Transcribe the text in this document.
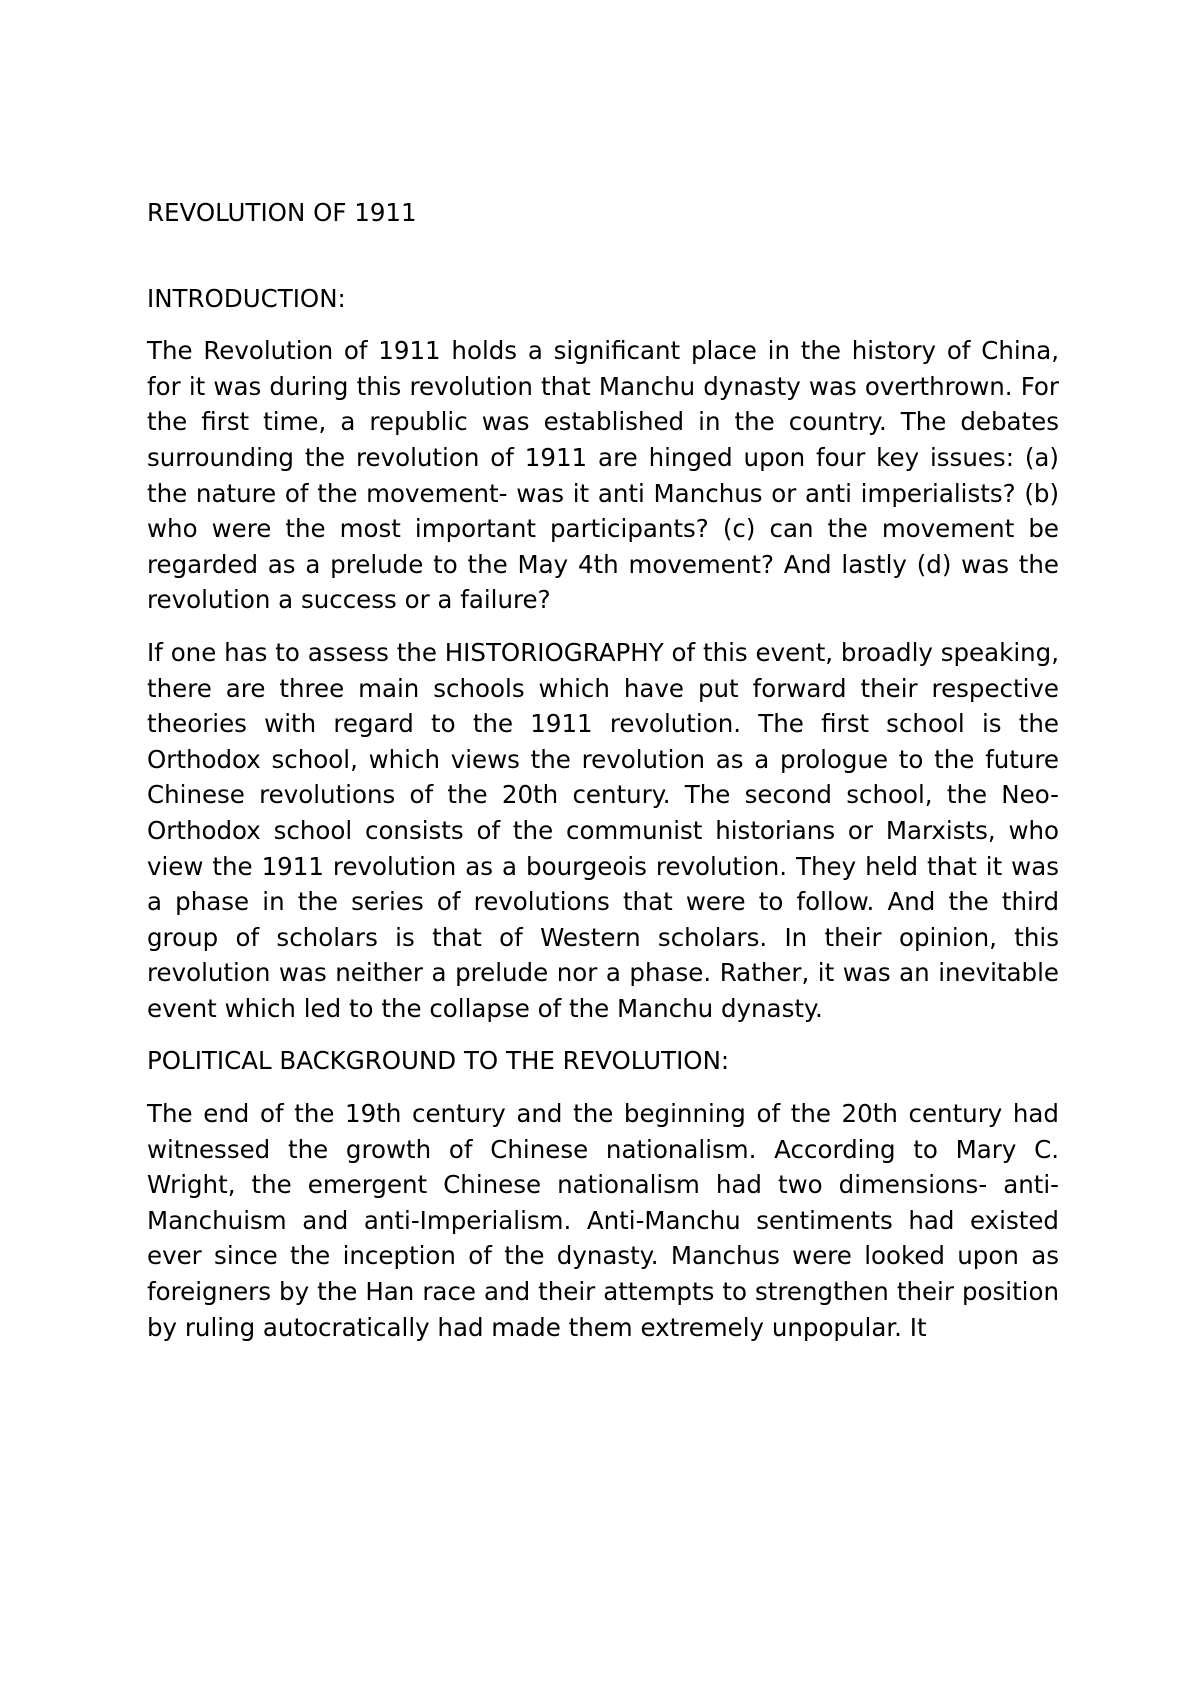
REVOLUTION OF 1911
INTRODUCTION:

The Revolution of 1911 holds a significant place in the history of China, for it was during this revolution that Manchu dynasty was overthrown. For the first time, a republic was established in the country. The debates surrounding the revolution of 1911 are hinged upon four key issues: (a) the nature of the movement- was it anti Manchus or anti imperialists? (b) who were the most important participants? (c) can the movement be regarded as a prelude to the May 4th movement? And lastly (d) was the revolution a success or a failure?

If one has to assess the HISTORIOGRAPHY of this event, broadly speaking, there are three main schools which have put forward their respective theories with regard to the 1911 revolution. The first school is the Orthodox school, which views the revolution as a prologue to the future Chinese revolutions of the 20th century. The second school, the Neo-Orthodox school consists of the communist historians or Marxists, who view the 1911 revolution as a bourgeois revolution. They held that it was a phase in the series of revolutions that were to follow. And the third group of scholars is that of Western scholars. In their opinion, this revolution was neither a prelude nor a phase. Rather, it was an inevitable event which led to the collapse of the Manchu dynasty.

POLITICAL BACKGROUND TO THE REVOLUTION:

The end of the 19th century and the beginning of the 20th century had witnessed the growth of Chinese nationalism. According to Mary C. Wright, the emergent Chinese nationalism had two dimensions- anti-Manchuism and anti-Imperialism. Anti-Manchu sentiments had existed ever since the inception of the dynasty. Manchus were looked upon as foreigners by the Han race and their attempts to strengthen their position by ruling autocratically had made them extremely unpopular. It
